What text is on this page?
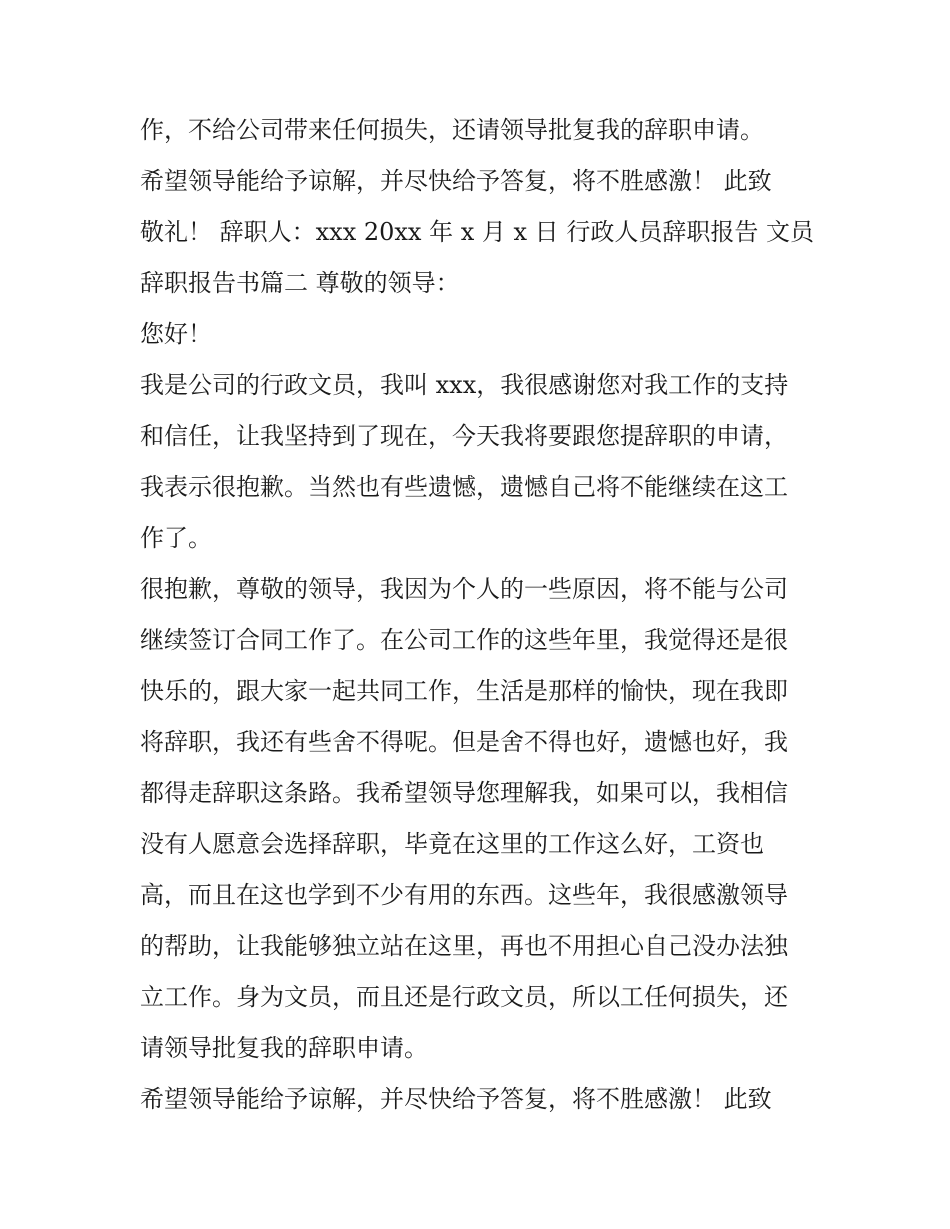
作，不给公司带来任何损失，还请领导批复我的辞职申请。
希望领导能给予谅解，并尽快给予答复，将不胜感激！ 此致
敬礼！ 辞职人：xxx 20xx 年 x 月 x 日 行政人员辞职报告 文员
辞职报告书篇二 尊敬的领导：
您好！
我是公司的行政文员，我叫 xxx，我很感谢您对我工作的支持
和信任，让我坚持到了现在，今天我将要跟您提辞职的申请，
我表示很抱歉。当然也有些遗憾，遗憾自己将不能继续在这工
作了。
很抱歉，尊敬的领导，我因为个人的一些原因，将不能与公司
继续签订合同工作了。在公司工作的这些年里，我觉得还是很
快乐的，跟大家一起共同工作，生活是那样的愉快，现在我即
将辞职，我还有些舍不得呢。但是舍不得也好，遗憾也好，我
都得走辞职这条路。我希望领导您理解我，如果可以，我相信
没有人愿意会选择辞职，毕竟在这里的工作这么好，工资也
高，而且在这也学到不少有用的东西。这些年，我很感激领导
的帮助，让我能够独立站在这里，再也不用担心自己没办法独
立工作。身为文员，而且还是行政文员，所以工任何损失，还
请领导批复我的辞职申请。
希望领导能给予谅解，并尽快给予答复，将不胜感激！ 此致
